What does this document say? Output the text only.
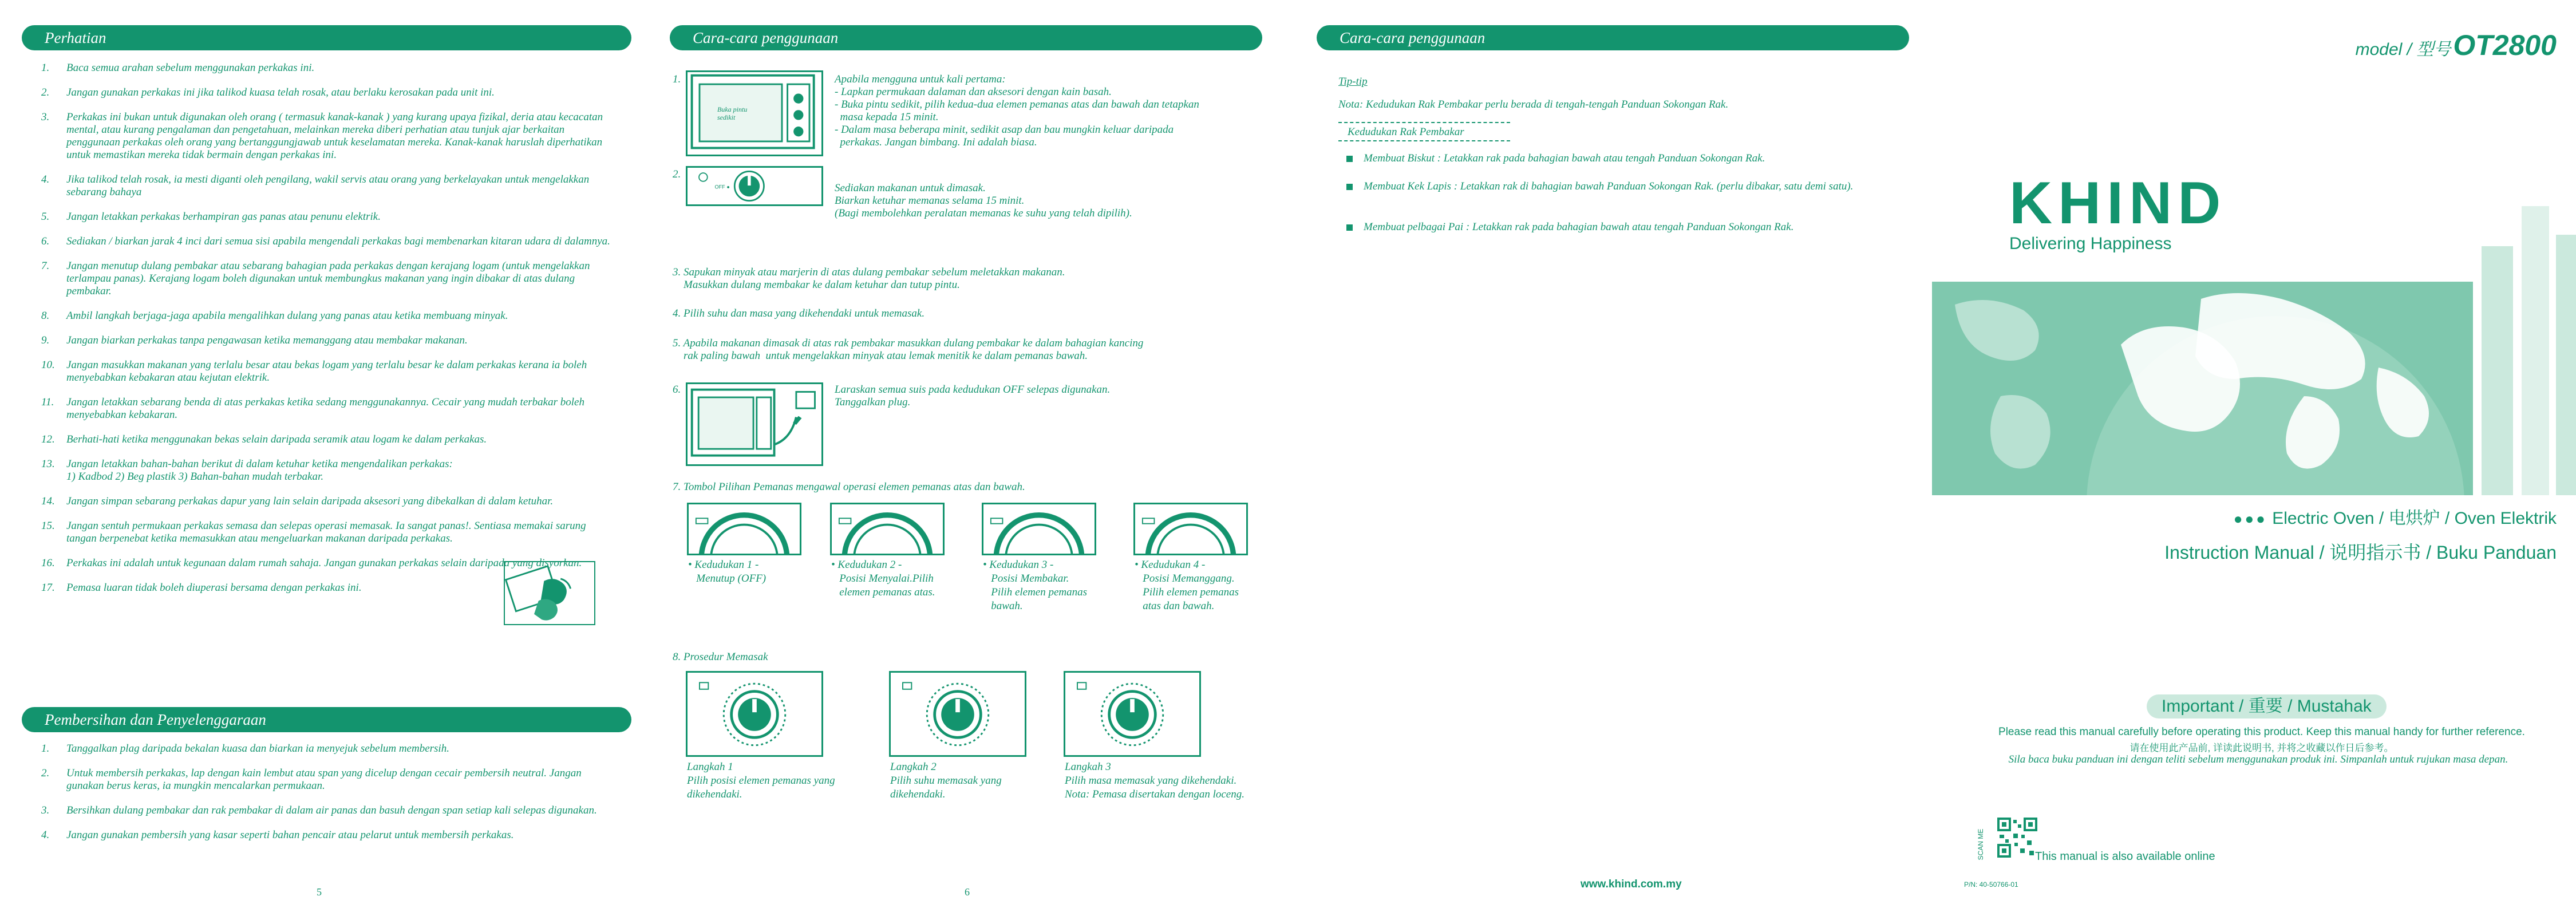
Perhatian
1. Baca semua arahan sebelum menggunakan perkakas ini.
2. Jangan gunakan perkakas ini jika talikod kuasa telah rosak, atau berlaku kerosakan pada unit ini.
3. Perkakas ini bukan untuk digunakan oleh orang ( termasuk kanak-kanak ) yang kurang upaya fizikal, deria atau kecacatan mental, atau kurang pengalaman dan pengetahuan, melainkan mereka diberi perhatian atau tunjuk ajar berkaitan penggunaan perkakas oleh orang yang bertanggungjawab untuk keselamatan mereka. Kanak-kanak haruslah diperhatikan untuk memastikan mereka tidak bermain dengan perkakas ini.
4. Jika talikod telah rosak, ia mesti diganti oleh pengilang, wakil servis atau orang yang berkelayakan untuk mengelakkan sebarang bahaya
5. Jangan letakkan perkakas berhampiran gas panas atau penunu elektrik.
6. Sediakan / biarkan jarak 4 inci dari semua sisi apabila mengendali perkakas bagi membenarkan kitaran udara di dalamnya.
7. Jangan menutup dulang pembakar atau sebarang bahagian pada perkakas dengan kerajang logam (untuk mengelakkan terlampau panas). Kerajang logam boleh digunakan untuk membungkus makanan yang ingin dibakar di atas dulang pembakar.
8. Ambil langkah berjaga-jaga apabila mengalihkan dulang yang panas atau ketika membuang minyak.
9. Jangan biarkan perkakas tanpa pengawasan ketika memanggang atau membakar makanan.
10. Jangan masukkan makanan yang terlalu besar atau bekas logam yang terlalu besar ke dalam perkakas kerana ia boleh menyebabkan kebakaran atau kejutan elektrik.
11. Jangan letakkan sebarang benda di atas perkakas ketika sedang menggunakannya. Cecair yang mudah terbakar boleh menyebabkan kebakaran.
12. Berhati-hati ketika menggunakan bekas selain daripada seramik atau logam ke dalam perkakas.
13. Jangan letakkan bahan-bahan berikut di dalam ketuhar ketika mengendalikan perkakas:
1) Kadbod 2) Beg plastik 3) Bahan-bahan mudah terbakar.
14. Jangan simpan sebarang perkakas dapur yang lain selain daripada aksesori yang dibekalkan di dalam ketuhar.
15. Jangan sentuh permukaan perkakas semasa dan selepas operasi memasak. Ia sangat panas!. Sentiasa memakai sarung tangan berpenebat ketika memasukkan atau mengeluarkan makanan daripada perkakas.
16. Perkakas ini adalah untuk kegunaan dalam rumah sahaja. Jangan gunakan perkakas selain daripada yang disyorkan.
17. Pemasa luaran tidak boleh diuperasi bersama dengan perkakas ini.
Pembersihan dan Penyelenggaraan
1. Tanggalkan plag daripada bekalan kuasa dan biarkan ia menyejuk sebelum membersih.
2. Untuk membersih perkakas, lap dengan kain lembut atau span yang dicelup dengan cecair pembersih neutral. Jangan gunakan berus keras, ia mungkin mencalarkan permukaan.
3. Bersihkan dulang pembakar dan rak pembakar di dalam air panas dan basuh dengan span setiap kali selepas digunakan.
4. Jangan gunakan pembersih yang kasar seperti bahan pencair atau pelarut untuk membersih perkakas.
5
Cara-cara penggunaan
1.
Buka pintu
sedikit
Apabila mengguna untuk kali pertama:
- Lapkan permukaan dalaman dan aksesori dengan kain basah.
- Buka pintu sedikit, pilih kedua-dua elemen pemanas atas dan bawah dan tetapkan
masa kepada 15 minit.
- Dalam masa beberapa minit, sedikit asap dan bau mungkin keluar daripada
perkakas. Jangan bimbang. Ini adalah biasa.
2.
OFF ●	Sediakan makanan untuk dimasak.
Biarkan ketuhar memanas selama 15 minit.
(Bagi membolehkan peralatan memanas ke suhu yang telah dipilih).
3. Sapukan minyak atau marjerin di atas dulang pembakar sebelum meletakkan makanan.
Masukkan dulang membakar ke dalam ketuhar dan tutup pintu.
4. Pilih suhu dan masa yang dikehendaki untuk memasak.
5. Apabila makanan dimasak di atas rak pembakar masukkan dulang pembakar ke dalam bahagian kancing
rak paling bawah  untuk mengelakkan minyak atau lemak menitik ke dalam pemanas bawah.
6.	Laraskan semua suis pada kedudukan OFF selepas digunakan.
Tanggalkan plug.
7. Tombol Pilihan Pemanas mengawal operasi elemen pemanas atas dan bawah.
• Kedudukan 1 -
Menutup (OFF)
• Kedudukan 2 -
Posisi Menyalai.Pilih
elemen pemanas atas.
• Kedudukan 3 -
Posisi Membakar.
Pilih elemen pemanas
bawah.
• Kedudukan 4 -
Posisi Memanggang.
Pilih elemen pemanas
atas dan bawah.
8. Prosedur Memasak
Langkah 1
Pilih posisi elemen pemanas yang
dikehendaki.
Langkah 2
Pilih suhu memasak yang
dikehendaki.
Langkah 3
Pilih masa memasak yang dikehendaki.
Nota: Pemasa disertakan dengan loceng.
6
Cara-cara penggunaan
Tip-tip
Nota: Kedudukan Rak Pembakar perlu berada di tengah-tengah Panduan Sokongan Rak.
Kedudukan Rak Pembakar
Membuat Biskut : Letakkan rak pada bahagian bawah atau tengah Panduan Sokongan Rak.
Membuat Kek Lapis : Letakkan rak di bahagian bawah Panduan Sokongan Rak. (perlu dibakar, satu demi satu).
Membuat pelbagai Pai : Letakkan rak pada bahagian bawah atau tengah Panduan Sokongan Rak.
www.khind.com.my
model / 型号 OT2800
KHIND
Delivering Happiness
●●● Electric Oven / 电烘炉 / Oven Elektrik
Instruction Manual / 说明指示书 / Buku Panduan
Important / 重要 / Mustahak
Please read this manual carefully before operating this product. Keep this manual handy for further reference.
请在使用此产品前, 详读此说明书, 并将之收藏以作日后参考。
Sila baca buku panduan ini dengan teliti sebelum menggunakan produk ini. Simpanlah untuk rujukan masa depan.
SCAN ME	This manual is also available online
P/N: 40-50766-01
